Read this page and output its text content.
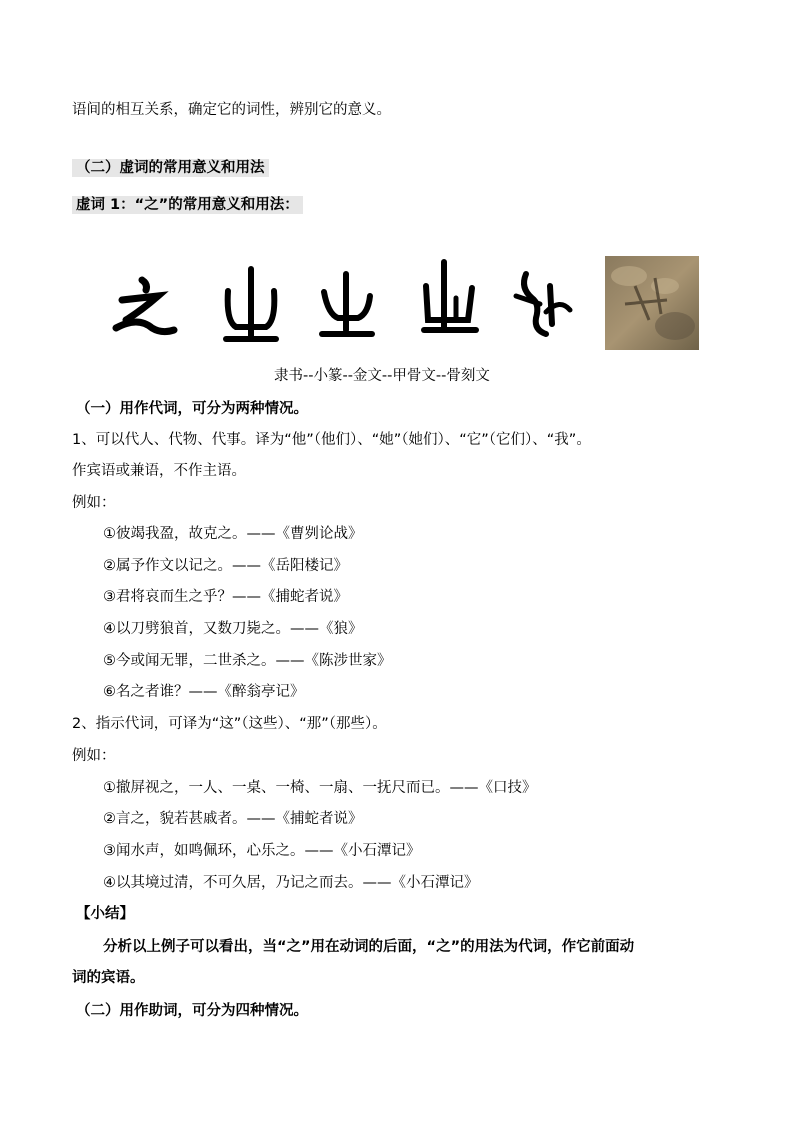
语间的相互关系，确定它的词性，辨别它的意义。
（二）虚词的常用意义和用法
虚词 1：“之”的常用意义和用法：
隶书--小篆--金文--甲骨文--骨刻文
（一）用作代词，可分为两种情况。
1、可以代人、代物、代事。译为“他”（他们）、“她”（她们）、“它”（它们）、“我”。
作宾语或兼语，不作主语。
例如：
①彼竭我盈，故克之。——《曹刿论战》
②属予作文以记之。——《岳阳楼记》
③君将哀而生之乎？——《捕蛇者说》
④以刀劈狼首，又数刀毙之。——《狼》
⑤今或闻无罪，二世杀之。——《陈涉世家》
⑥名之者谁？——《醉翁亭记》
2、指示代词，可译为“这”（这些）、“那”（那些）。
例如：
①撤屏视之，一人、一桌、一椅、一扇、一抚尺而已。——《口技》
②言之，貌若甚戚者。——《捕蛇者说》
③闻水声，如鸣佩环，心乐之。——《小石潭记》
④以其境过清，不可久居，乃记之而去。——《小石潭记》
【小结】
分析以上例子可以看出，当“之”用在动词的后面，“之”的用法为代词，作它前面动
词的宾语。
（二）用作助词，可分为四种情况。
